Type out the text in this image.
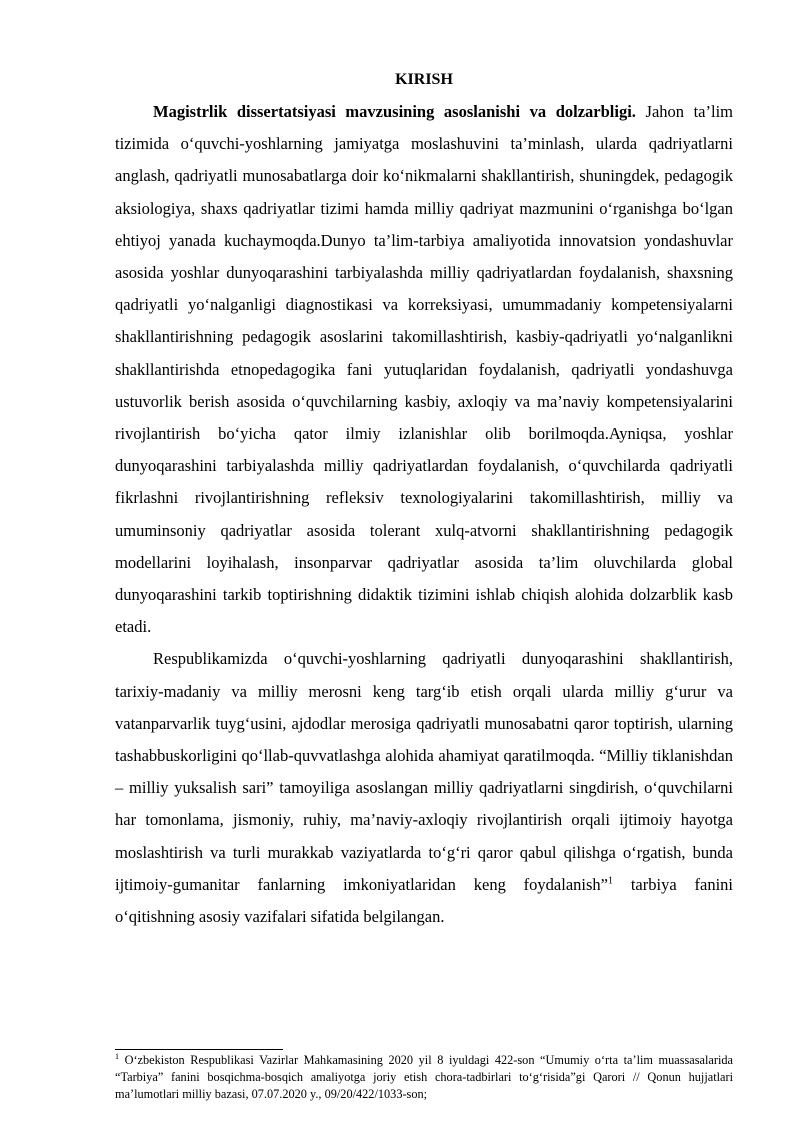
KIRISH

Magistrlik dissertatsiyasi mavzusining asoslanishi va dolzarbligi. Jahon ta’lim tizimida o‘quvchi-yoshlarning jamiyatga moslashuvini ta’minlash, ularda qadriyatlarni anglash, qadriyatli munosabatlarga doir ko‘nikmalarni shakllantirish, shuningdek, pedagogik aksiologiya, shaxs qadriyatlar tizimi hamda milliy qadriyat mazmunini o‘rganishga bo‘lgan ehtiyoj yanada kuchaymoqda.Dunyo ta’lim-tarbiya amaliyotida innovatsion yondashuvlar asosida yoshlar dunyoqarashini tarbiyalashda milliy qadriyatlardan foydalanish, shaxsning qadriyatli yo‘nalganligi diagnostikasi va korreksiyasi, umummadaniy kompetensiyalarni shakllantirishning pedagogik asoslarini takomillashtirish, kasbiy-qadriyatli yo‘nalganlikni shakllantirishda etnopedagogika fani yutuqlaridan foydalanish, qadriyatli yondashuvga ustuvorlik berish asosida o‘quvchilarning kasbiy, axloqiy va ma’naviy kompetensiyalarini rivojlantirish bo‘yicha qator ilmiy izlanishlar olib borilmoqda.Ayniqsa, yoshlar dunyoqarashini tarbiyalashda milliy qadriyatlardan foydalanish, o‘quvchilarda qadriyatli fikrlashni rivojlantirishning refleksiv texnologiyalarini takomillashtirish, milliy va umuminsoniy qadriyatlar asosida tolerant xulq-atvorni shakllantirishning pedagogik modellarini loyihalash, insonparvar qadriyatlar asosida ta’lim oluvchilarda global dunyoqarashini tarkib toptirishning didaktik tizimini ishlab chiqish alohida dolzarblik kasb etadi.

Respublikamizda o‘quvchi-yoshlarning qadriyatli dunyoqarashini shakllantirish, tarixiy-madaniy va milliy merosni keng targ‘ib etish orqali ularda milliy g‘urur va vatanparvarlik tuyg‘usini, ajdodlar merosiga qadriyatli munosabatni qaror toptirish, ularning tashabbuskorligini qo‘llab-quvvatlashga alohida ahamiyat qaratilmoqda. “Milliy tiklanishdan – milliy yuksalish sari” tamoyiliga asoslangan milliy qadriyatlarni singdirish, o‘quvchilarni har tomonlama, jismoniy, ruhiy, ma’naviy-axloqiy rivojlantirish orqali ijtimoiy hayotga moslashtirish va turli murakkab vaziyatlarda to‘g‘ri qaror qabul qilishga o‘rgatish, bunda ijtimoiy-gumanitar fanlarning imkoniyatlaridan keng foydalanish”$^1$ tarbiya fanini o‘qitishning asosiy vazifalari sifatida belgilangan.

$^1$ O‘zbekiston Respublikasi Vazirlar Mahkamasining 2020 yil 8 iyuldagi 422-son “Umumiy o‘rta ta’lim muassasalarida “Tarbiya” fanini bosqichma-bosqich amaliyotga joriy etish chora-tadbirlari to‘g‘risida”gi Qarori // Qonun hujjatlari ma’lumotlari milliy bazasi, 07.07.2020 y., 09/20/422/1033-son;
